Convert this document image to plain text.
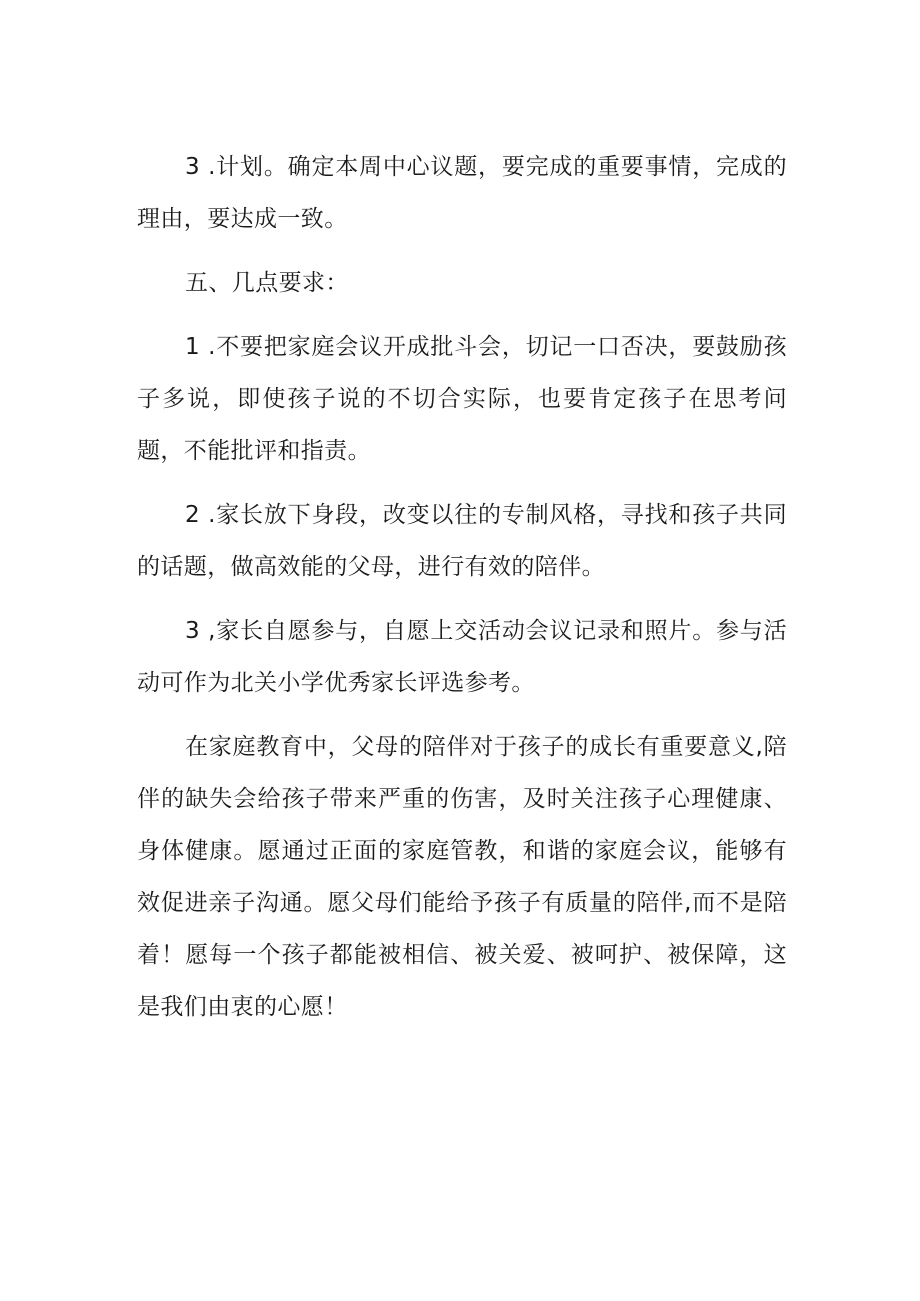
3 .计划。确定本周中心议题，要完成的重要事情，完成的理由，要达成一致。

五、几点要求：

1 .不要把家庭会议开成批斗会，切记一口否决，要鼓励孩子多说，即使孩子说的不切合实际，也要肯定孩子在思考问题，不能批评和指责。

2 .家长放下身段，改变以往的专制风格，寻找和孩子共同的话题，做高效能的父母，进行有效的陪伴。

3 ,家长自愿参与，自愿上交活动会议记录和照片。参与活动可作为北关小学优秀家长评选参考。

在家庭教育中，父母的陪伴对于孩子的成长有重要意义,陪伴的缺失会给孩子带来严重的伤害，及时关注孩子心理健康、身体健康。愿通过正面的家庭管教，和谐的家庭会议，能够有效促进亲子沟通。愿父母们能给予孩子有质量的陪伴,而不是陪着！愿每一个孩子都能被相信、被关爱、被呵护、被保障，这是我们由衷的心愿！
